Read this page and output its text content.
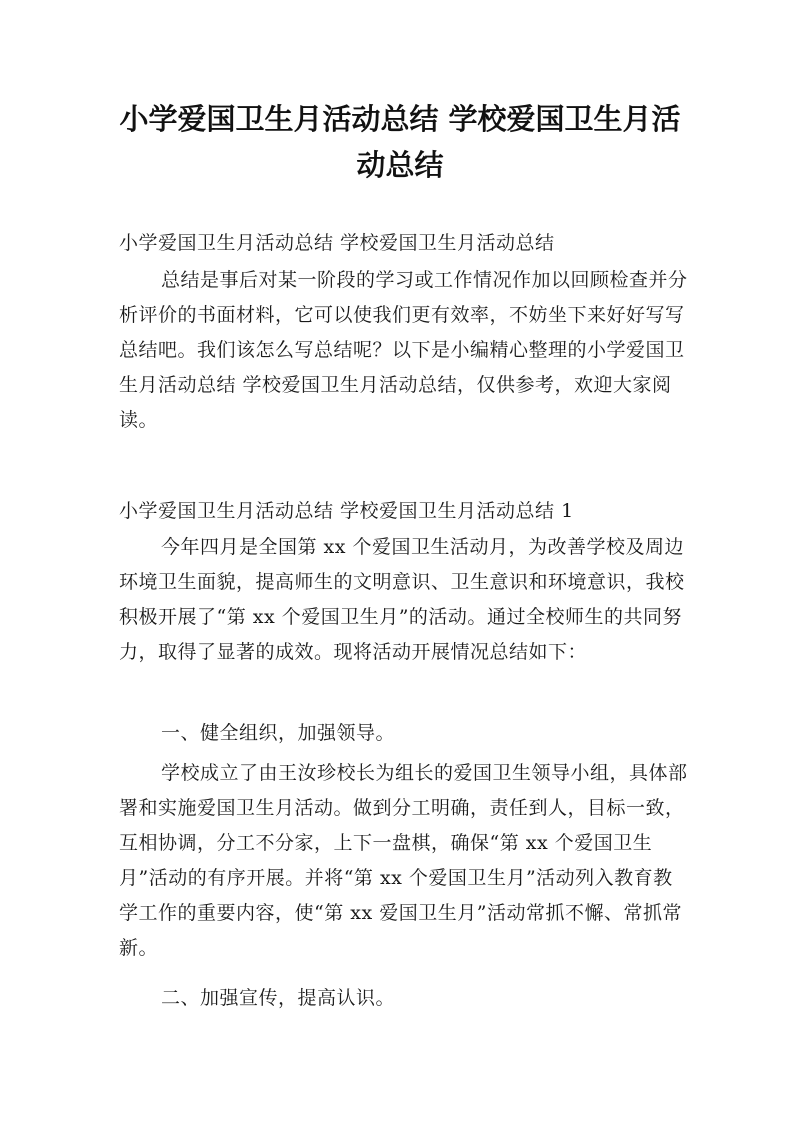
小学爱国卫生月活动总结 学校爱国卫生月活动总结

小学爱国卫生月活动总结 学校爱国卫生月活动总结

总结是事后对某一阶段的学习或工作情况作加以回顾检查并分析评价的书面材料，它可以使我们更有效率，不妨坐下来好好写写总结吧。我们该怎么写总结呢？以下是小编精心整理的小学爱国卫生月活动总结 学校爱国卫生月活动总结，仅供参考，欢迎大家阅读。

小学爱国卫生月活动总结 学校爱国卫生月活动总结 1

今年四月是全国第 xx 个爱国卫生活动月，为改善学校及周边环境卫生面貌，提高师生的文明意识、卫生意识和环境意识，我校积极开展了“第 xx 个爱国卫生月”的活动。通过全校师生的共同努力，取得了显著的成效。现将活动开展情况总结如下：

一、健全组织，加强领导。

学校成立了由王汝珍校长为组长的爱国卫生领导小组，具体部署和实施爱国卫生月活动。做到分工明确，责任到人，目标一致，互相协调，分工不分家，上下一盘棋，确保“第 xx 个爱国卫生月”活动的有序开展。并将“第 xx 个爱国卫生月”活动列入教育教学工作的重要内容，使“第 xx 爱国卫生月”活动常抓不懈、常抓常新。

二、加强宣传，提高认识。
